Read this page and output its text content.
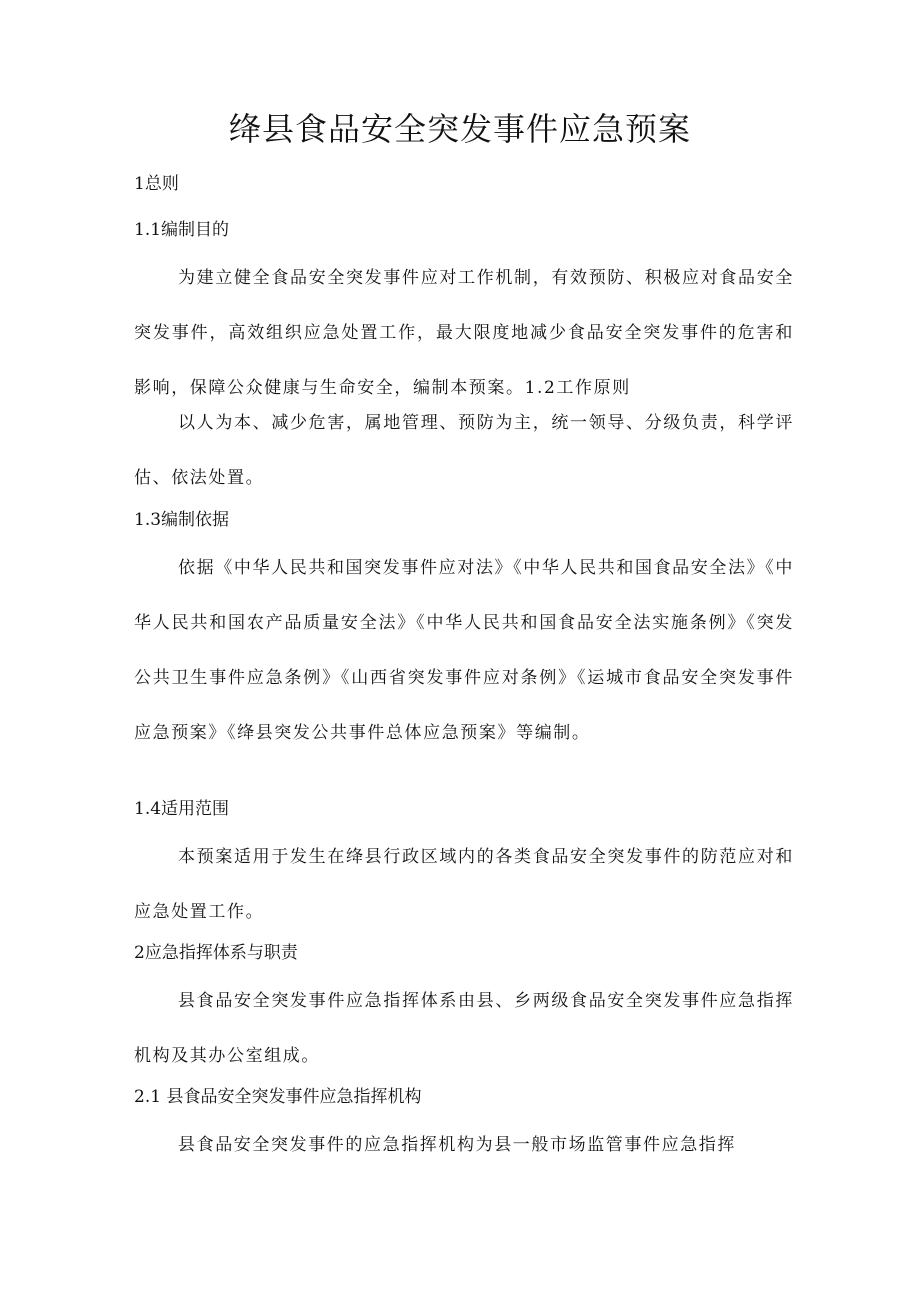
绛县食品安全突发事件应急预案

1总则

1.1编制目的

为建立健全食品安全突发事件应对工作机制，有效预防、积极应对食品安全突发事件，高效组织应急处置工作，最大限度地减少食品安全突发事件的危害和影响，保障公众健康与生命安全，编制本预案。1.2工作原则

以人为本、减少危害，属地管理、预防为主，统一领导、分级负责，科学评估、依法处置。

1.3编制依据

依据《中华人民共和国突发事件应对法》《中华人民共和国食品安全法》《中华人民共和国农产品质量安全法》《中华人民共和国食品安全法实施条例》《突发公共卫生事件应急条例》《山西省突发事件应对条例》《运城市食品安全突发事件应急预案》《绛县突发公共事件总体应急预案》等编制。

1.4适用范围

本预案适用于发生在绛县行政区域内的各类食品安全突发事件的防范应对和应急处置工作。

2应急指挥体系与职责

县食品安全突发事件应急指挥体系由县、乡两级食品安全突发事件应急指挥机构及其办公室组成。

2.1 县食品安全突发事件应急指挥机构

县食品安全突发事件的应急指挥机构为县一般市场监管事件应急指挥
